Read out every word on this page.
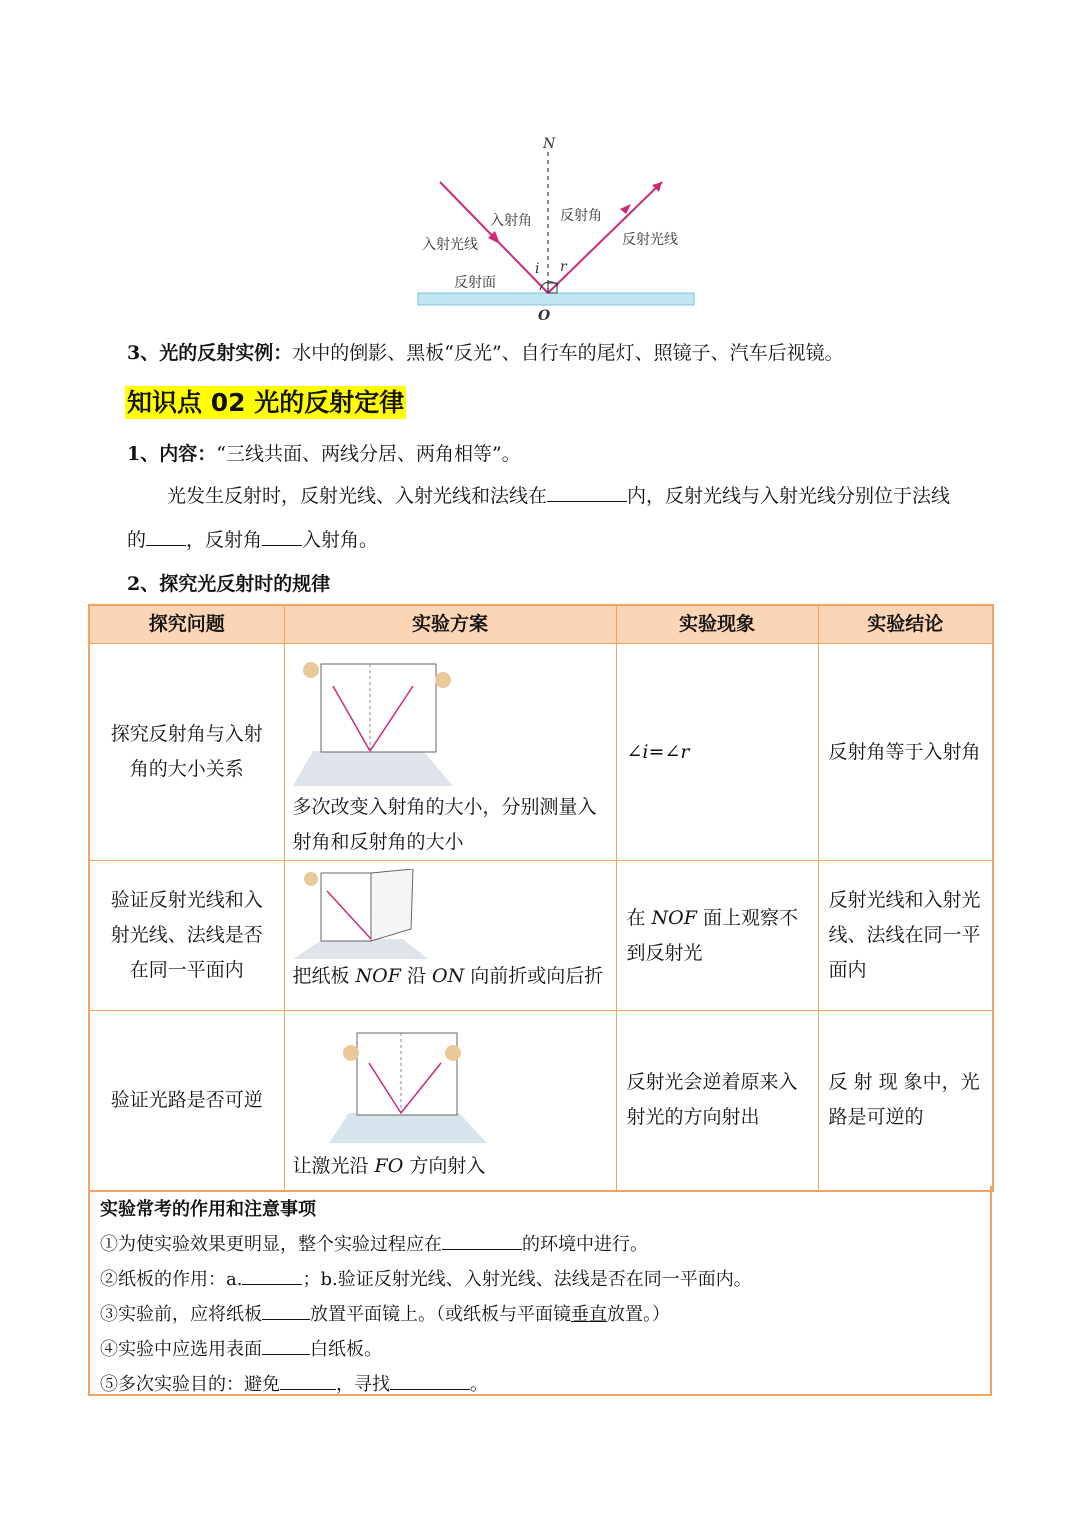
N
O
入射角 反射角
入射光线	反射光线
反射面
i r
3、光的反射实例：水中的倒影、黑板“反光”、自行车的尾灯、照镜子、汽车后视镜。
知识点 02 光的反射定律
1、内容：“三线共面、两线分居、两角相等”。
光发生反射时，反射光线、入射光线和法线在	内，反射光线与入射光线分别位于法线
的 ，反射角 入射角。
2、探究光反射时的规律
探究问题	实验方案	实验现象	实验结论
探究反射角与入射角的大小关系	多次改变入射角的大小，分别测量入射角和反射角的大小	∠i=∠r	反射角等于入射角
验证反射光线和入射光线、法线是否在同一平面内	把纸板 NOF 沿 ON 向前折或向后折	在 NOF 面上观察不到反射光	反射光线和入射光线、法线在同一平面内
验证光路是否可逆	让激光沿 FO 方向射入	反射光会逆着原来入射光的方向射出	反 射 现 象中，光路是可逆的
实验常考的作用和注意事项
①为使实验效果更明显，整个实验过程应在	的环境中进行。
②纸板的作用：a.	；b.验证反射光线、入射光线、法线是否在同一平面内。
③实验前，应将纸板	放置平面镜上。（或纸板与平面镜垂直放置。）
④实验中应选用表面	白纸板。
⑤多次实验目的：避免	，寻找	。
